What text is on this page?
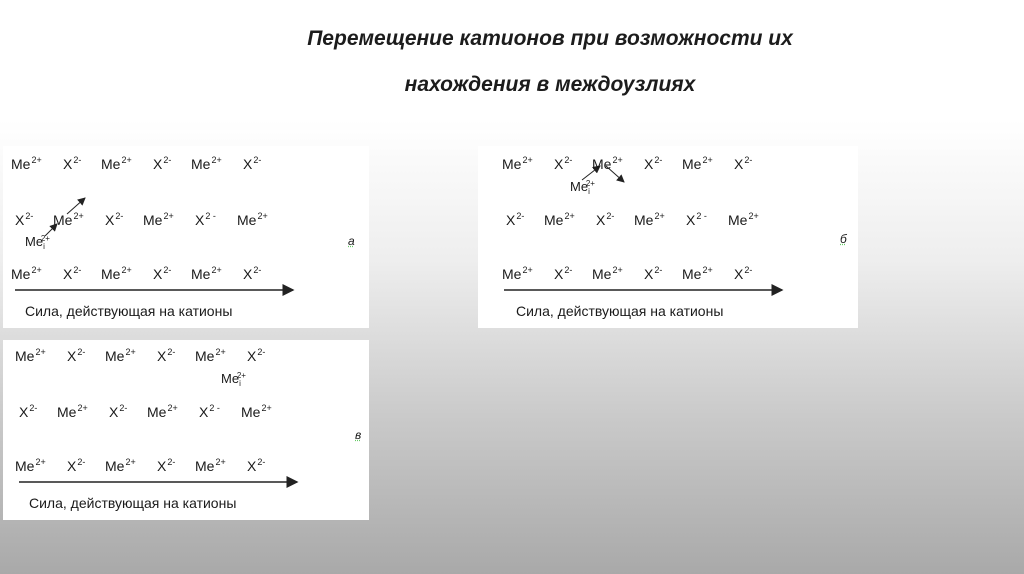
Перемещение катионов при возможности их
нахождения в междоузлиях
$Me^{2+}$ $X^{2-}$ $Me^{2+}$ $X^{2-}$ $Me^{2+}$ $X^{2-}$
$X^{2-}$ $Me^{2+}$ $X^{2-}$ $Me^{2+}$ $X^{2 -}$ $Me^{2+}$
$Me_i^{2+}$	а
$Me^{2+}$ $X^{2-}$ $Me^{2+}$ $X^{2-}$ $Me^{2+}$ $X^{2-}$
Сила, действующая на катионы
$Me^{2+}$ $X^{2-}$ $Me^{2+}$ $X^{2-}$ $Me^{2+}$ $X^{2-}$
$Me_i^{2+}$
$X^{2-}$ $Me^{2+}$ $X^{2-}$ $Me^{2+}$ $X^{2 -}$ $Me^{2+}$
б
$Me^{2+}$ $X^{2-}$ $Me^{2+}$ $X^{2-}$ $Me^{2+}$ $X^{2-}$
Сила, действующая на катионы
$Me^{2+}$ $X^{2-}$ $Me^{2+}$ $X^{2-}$ $Me^{2+}$ $X^{2-}$
$Me_i^{2+}$
$X^{2-}$ $Me^{2+}$ $X^{2-}$ $Me^{2+}$ $X^{2 -}$ $Me^{2+}$
в
$Me^{2+}$ $X^{2-}$ $Me^{2+}$ $X^{2-}$ $Me^{2+}$ $X^{2-}$
Сила, действующая на катионы
